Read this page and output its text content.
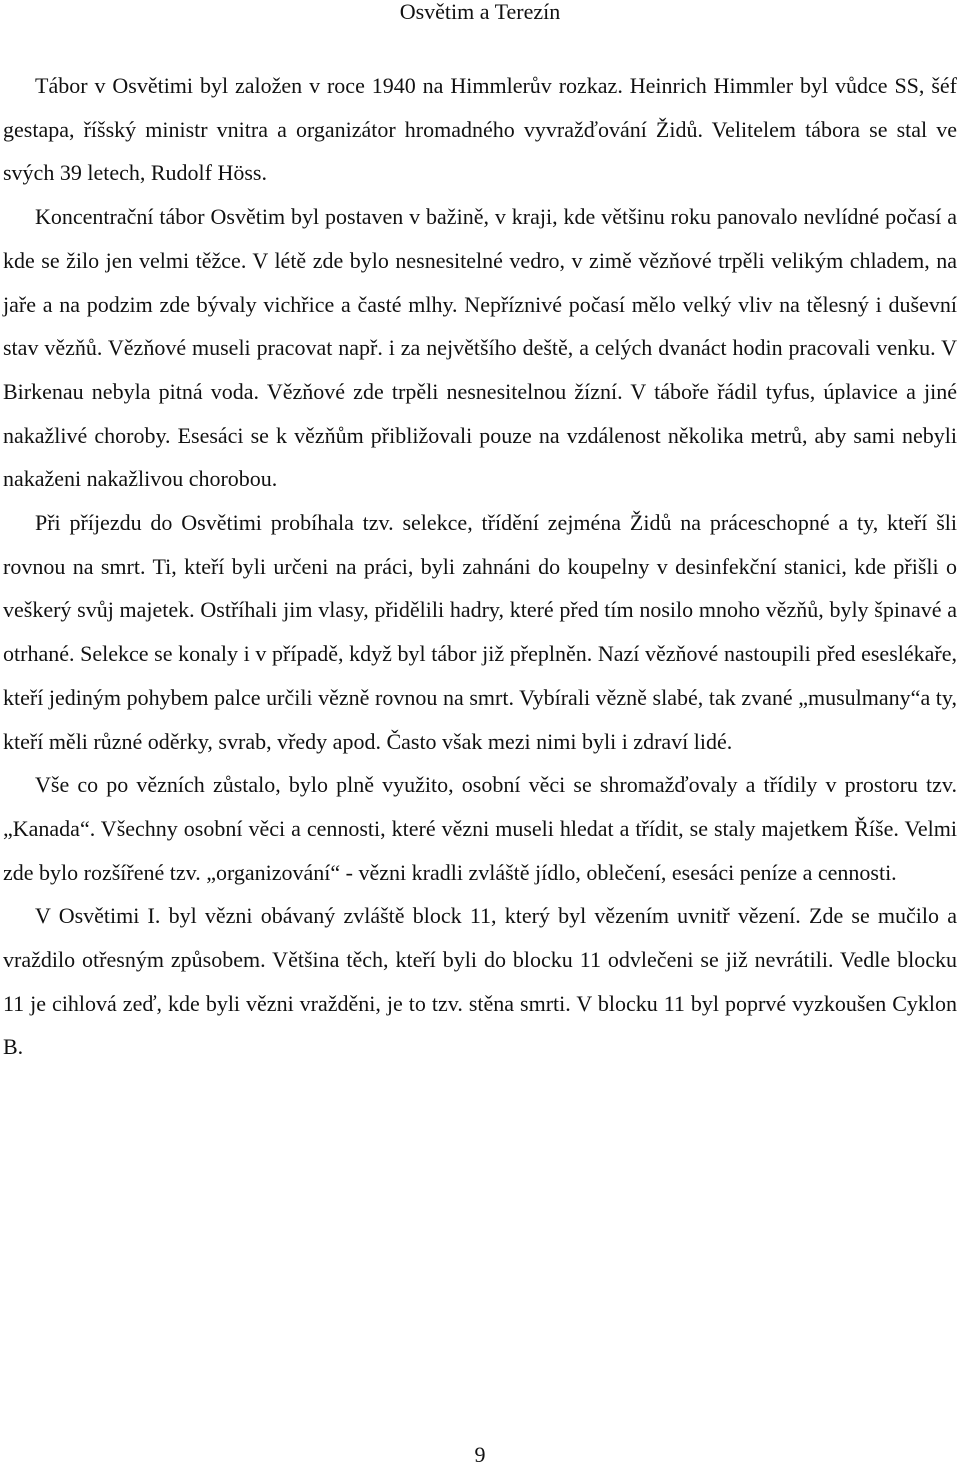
Osvětim a Terezín

Tábor v Osvětimi byl založen v roce 1940 na Himmlerův rozkaz. Heinrich Himmler byl vůdce SS, šéf gestapa, říšský ministr vnitra a organizátor hromadného vyvražďování Židů. Velitelem tábora se stal ve svých 39 letech, Rudolf Höss.

Koncentrační tábor Osvětim byl postaven v bažině, v kraji, kde většinu roku panovalo nevlídné počasí a kde se žilo jen velmi těžce. V létě zde bylo nesnesitelné vedro, v zimě vězňové trpěli velikým chladem, na jaře a na podzim zde bývaly vichřice a časté mlhy. Nepříznivé počasí mělo velký vliv na tělesný i duševní stav vězňů. Vězňové museli pracovat např. i za největšího deště, a celých dvanáct hodin pracovali venku. V Birkenau nebyla pitná voda. Vězňové zde trpěli nesnesitelnou žízní. V táboře řádil tyfus, úplavice a jiné nakažlivé choroby. Esesáci se k vězňům přibližovali pouze na vzdálenost několika metrů, aby sami nebyli nakaženi nakažlivou chorobou.

Při příjezdu do Osvětimi probíhala tzv. selekce, třídění zejména Židů na práceschopné a ty, kteří šli rovnou na smrt. Ti, kteří byli určeni na práci, byli zahnáni do koupelny v desinfekční stanici, kde přišli o veškerý svůj majetek. Ostříhali jim vlasy, přidělili hadry, které před tím nosilo mnoho vězňů, byly špinavé a otrhané. Selekce se konaly i v případě, když byl tábor již přeplněn. Nazí vězňové nastoupili před eseslékaře, kteří jediným pohybem palce určili vězně rovnou na smrt. Vybírali vězně slabé, tak zvané „musulmany“a ty, kteří měli různé oděrky, svrab, vředy apod. Často však mezi nimi byli i zdraví lidé.

Vše co po vězních zůstalo, bylo plně využito, osobní věci se shromažďovaly a třídily v prostoru tzv. „Kanada“. Všechny osobní věci a cennosti, které vězni museli hledat a třídit, se staly majetkem Říše. Velmi zde bylo rozšířené tzv. „organizování“ - vězni kradli zvláště jídlo, oblečení, esesáci peníze a cennosti.

V Osvětimi I. byl vězni obávaný zvláště block 11, který byl vězením uvnitř vězení. Zde se mučilo a vraždilo otřesným způsobem. Většina těch, kteří byli do blocku 11 odvlečeni se již nevrátili. Vedle blocku 11 je cihlová zeď, kde byli vězni vražděni, je to tzv. stěna smrti. V blocku 11 byl poprvé vyzkoušen Cyklon B.

9
